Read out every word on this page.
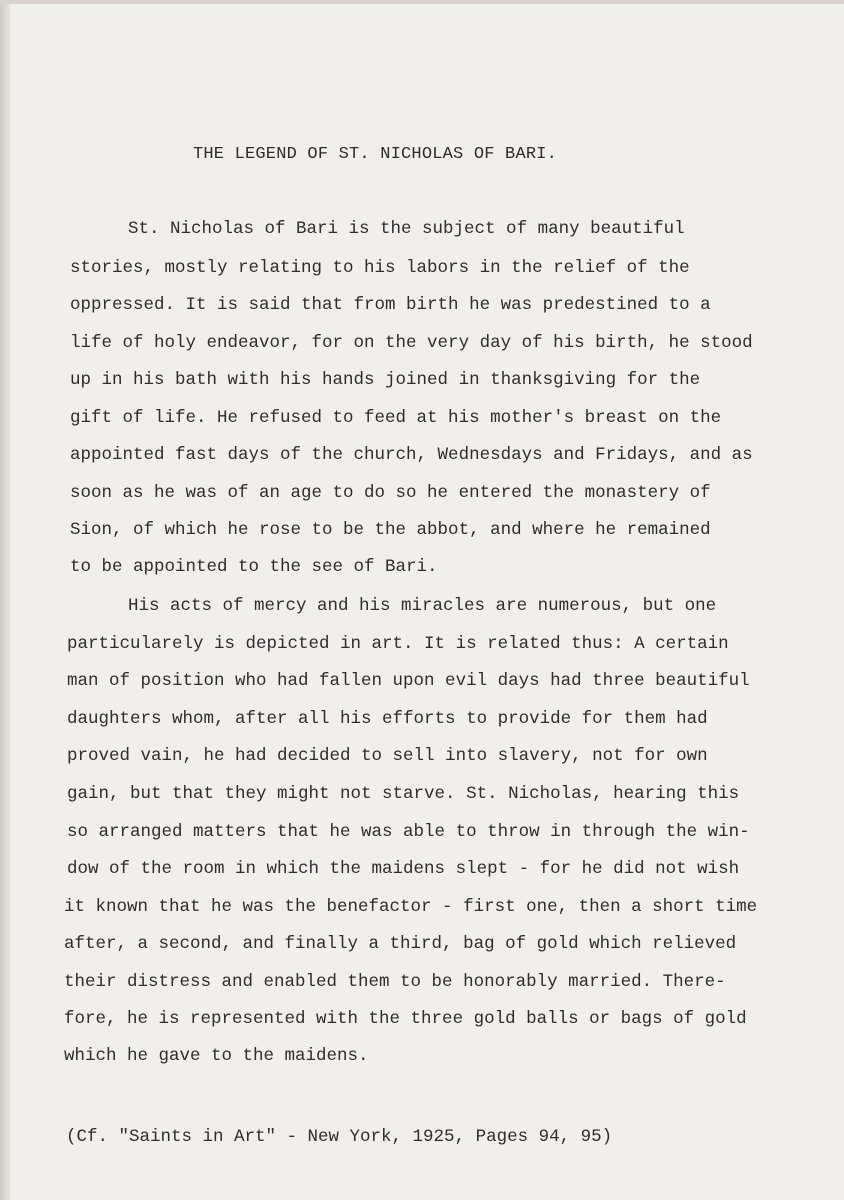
THE LEGEND OF ST. NICHOLAS OF BARI.

St. Nicholas of Bari is the subject of many beautiful

stories, mostly relating to his labors in the relief of the

oppressed. It is said that from birth he was predestined to a

life of holy endeavor, for on the very day of his birth, he stood

up in his bath with his hands joined in thanksgiving for the

gift of life. He refused to feed at his mother's breast on the

appointed fast days of the church, Wednesdays and Fridays, and as

soon as he was of an age to do so he entered the monastery of

Sion, of which he rose to be the abbot, and where he remained

to be appointed to the see of Bari.

His acts of mercy and his miracles are numerous, but one

particularely is depicted in art. It is related thus: A certain

man of position who had fallen upon evil days had three beautiful

daughters whom, after all his efforts to provide for them had

proved vain, he had decided to sell into slavery, not for own

gain, but that they might not starve. St. Nicholas, hearing this

so arranged matters that he was able to throw in through the win-

dow of the room in which the maidens slept - for he did not wish

it known that he was the benefactor - first one, then a short time

after, a second, and finally a third, bag of gold which relieved

their distress and enabled them to be honorably married. There-

fore, he is represented with the three gold balls or bags of gold

which he gave to the maidens.

(Cf. "Saints in Art" - New York, 1925, Pages 94, 95)
